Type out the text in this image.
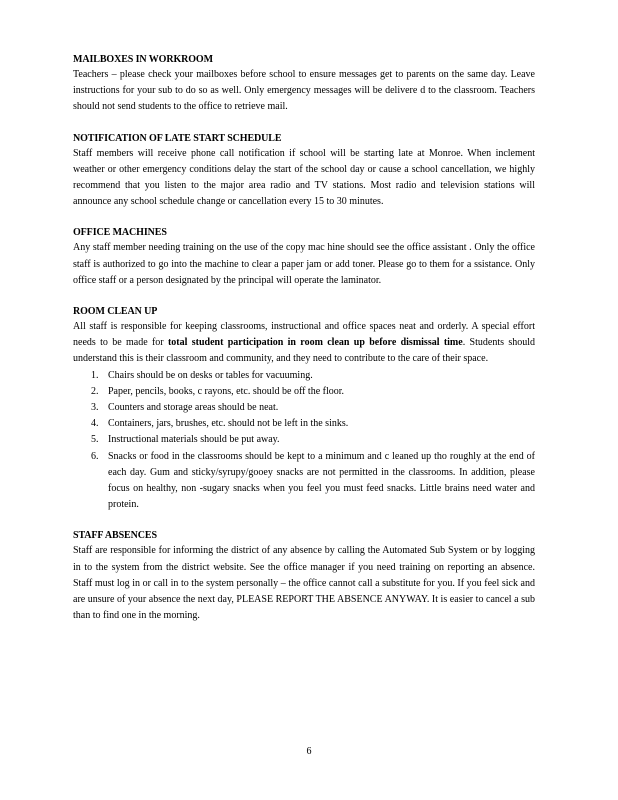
MAILBOXES IN WORKROOM

Teachers – please check your mailboxes before school to ensure messages get to parents on the same day. Leave instructions for your sub to do so as well. Only emergency messages will be delivere d to the classroom. Teachers should not send students to the office to retrieve mail.

NOTIFICATION OF LATE START SCHEDULE

Staff members will receive phone call notification if school will be starting late at Monroe. When inclement weather or other emergency conditions delay the start of the school day or cause a school cancellation, we highly recommend that you listen to the major area radio and TV stations. Most radio and television stations will announce any school schedule change or cancellation every 15 to 30 minutes.

OFFICE MACHINES

Any staff member needing training on the use of the copy mac hine should see the office assistant . Only the office staff is authorized to go into the machine to clear a paper jam or add toner. Please go to them for a ssistance. Only office staff or a person designated by the principal will operate the laminator.

ROOM CLEAN UP

All staff is responsible for keeping classrooms, instructional and office spaces neat and orderly. A special effort needs to be made for total student participation in room clean up before dismissal time. Students should understand this is their classroom and community, and they need to contribute to the care of their space.

1. Chairs should be on desks or tables for vacuuming.
2. Paper, pencils, books, c rayons, etc. should be off the floor.
3. Counters and storage areas should be neat.
4. Containers, jars, brushes, etc. should not be left in the sinks.
5. Instructional materials should be put away.
6. Snacks or food in the classrooms should be kept to a minimum and c leaned up tho roughly at the end of each day. Gum and sticky/syrupy/gooey snacks are not permitted in the classrooms. In addition, please focus on healthy, non -sugary snacks when you feel you must feed snacks. Little brains need water and protein.
STAFF ABSENCES

Staff are responsible for informing the district of any absence by calling the Automated Sub System or by logging in to the system from the district website. See the office manager if you need training on reporting an absence. Staff must log in or call in to the system personally – the office cannot call a substitute for you. If you feel sick and are unsure of your absence the next day, PLEASE REPORT THE ABSENCE ANYWAY. It is easier to cancel a sub than to find one in the morning.

6
